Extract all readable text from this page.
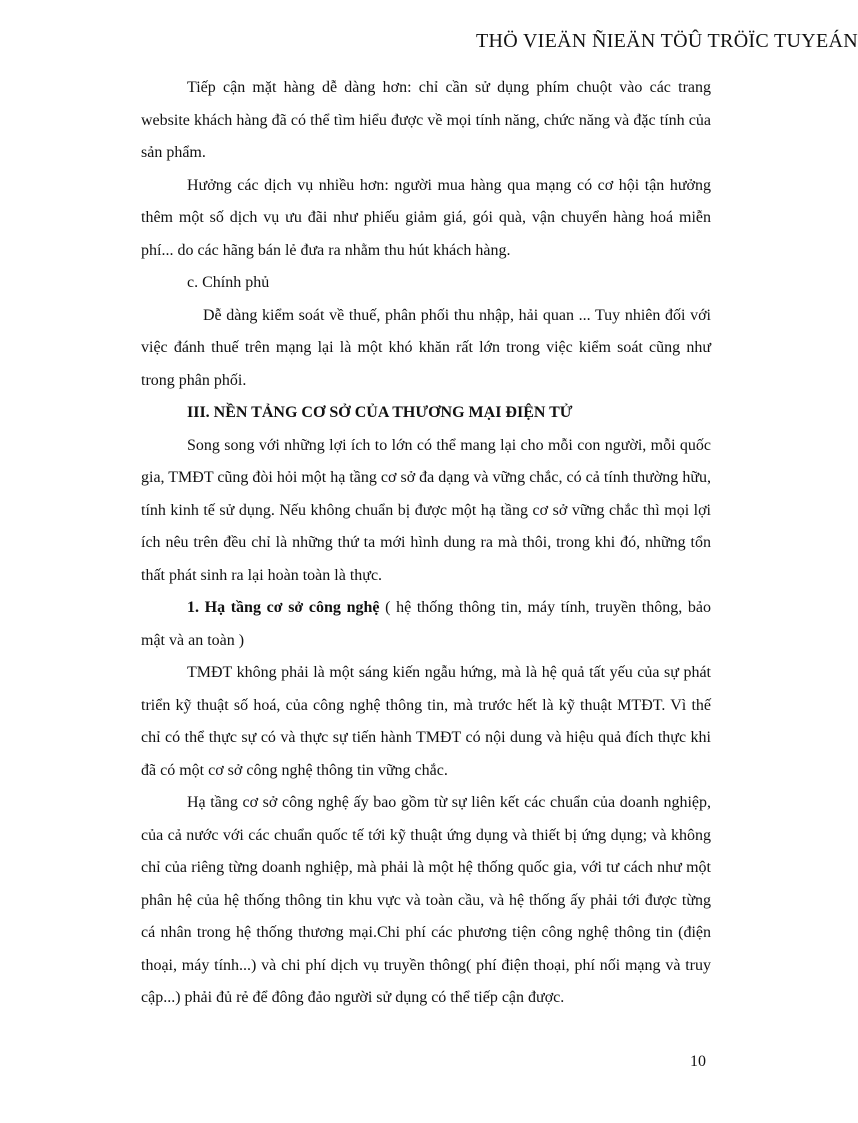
THÖ VIEÄN ÑIEÄN TÖÛ TRÖÏC TUYEÁN

Tiếp cận mặt hàng dễ dàng hơn: chỉ cần sử dụng phím chuột vào các trang website khách hàng đã có thể tìm hiểu được về mọi tính năng, chức năng và đặc tính của sản phẩm.

Hưởng các dịch vụ nhiều hơn: người mua hàng qua mạng có cơ hội tận hưởng thêm một số dịch vụ ưu đãi như phiếu giảm giá, gói quà, vận chuyển hàng hoá miễn phí... do các hãng bán lẻ đưa ra nhằm thu hút khách hàng.

c. Chính phủ

Dễ dàng kiểm soát về thuế, phân phối thu nhập, hải quan ... Tuy nhiên đối với việc đánh thuế trên mạng lại là một khó khăn rất lớn trong việc kiểm soát cũng như trong phân phối.

III. NỀN TẢNG CƠ SỞ CỦA THƯƠNG MẠI ĐIỆN TỬ

Song song với những lợi ích to lớn có thể mang lại cho mỗi con người, mỗi quốc gia, TMĐT cũng đòi hỏi một hạ tầng cơ sở đa dạng và vững chắc, có cả tính thường hữu, tính kinh tế sử dụng. Nếu không chuẩn bị được một hạ tầng cơ sở vững chắc thì mọi lợi ích nêu trên đều chỉ là những thứ ta mới hình dung ra mà thôi, trong khi đó, những tổn thất phát sinh ra lại hoàn toàn là thực.

1. Hạ tầng cơ sở công nghệ ( hệ thống thông tin, máy tính, truyền thông, bảo mật và an toàn )

TMĐT không phải là một sáng kiến ngẫu hứng, mà là hệ quả tất yếu của sự phát triển kỹ thuật số hoá, của công nghệ thông tin, mà trước hết là kỹ thuật MTĐT. Vì thế chỉ có thể thực sự có và thực sự tiến hành TMĐT có nội dung và hiệu quả đích thực khi đã có một cơ sở công nghệ thông tin vững chắc.

Hạ tầng cơ sở công nghệ ấy bao gồm từ sự liên kết các chuẩn của doanh nghiệp, của cả nước với các chuẩn quốc tế tới kỹ thuật ứng dụng và thiết bị ứng dụng; và không chỉ của riêng từng doanh nghiệp, mà phải là một hệ thống quốc gia, với tư cách như một phân hệ của hệ thống thông tin khu vực và toàn cầu, và hệ thống ấy phải tới được từng cá nhân trong hệ thống thương mại.Chi phí các phương tiện công nghệ thông tin (điện thoại, máy tính...) và chi phí dịch vụ truyền thông( phí điện thoại, phí nối mạng và truy cập...) phải đủ rẻ để đông đảo người sử dụng có thể tiếp cận được.

10
